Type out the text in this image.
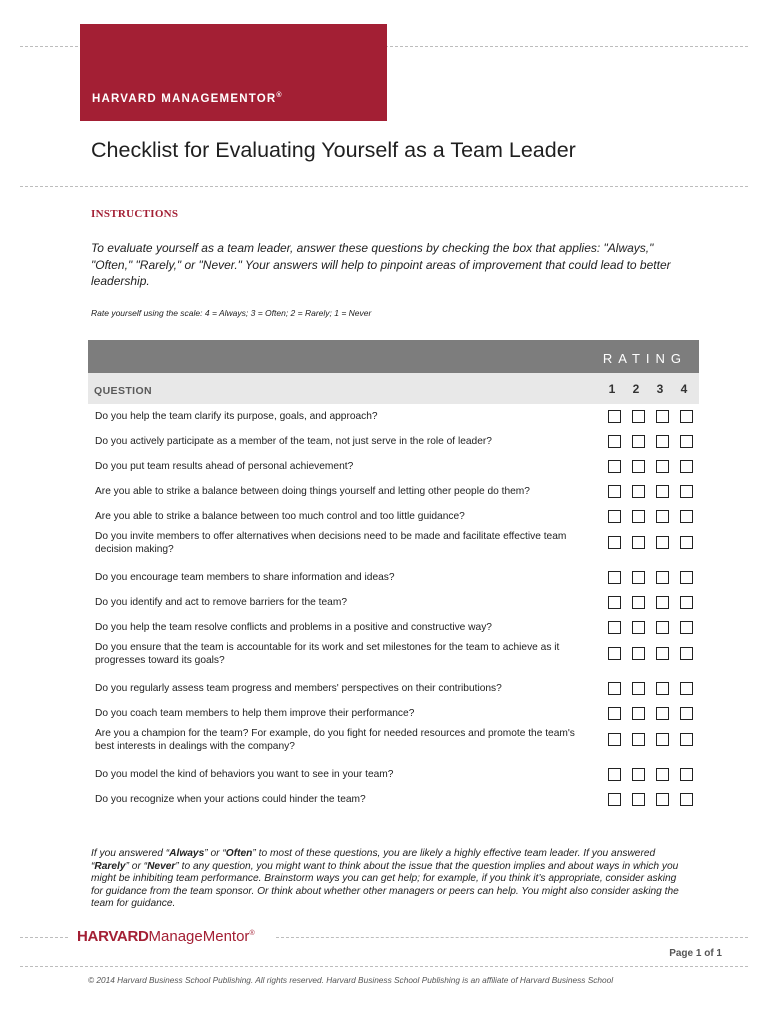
HARVARD MANAGEMENTOR®
Checklist for Evaluating Yourself as a Team Leader
INSTRUCTIONS
To evaluate yourself as a team leader, answer these questions by checking the box that applies: "Always," "Often," "Rarely," or "Never." Your answers will help to pinpoint areas of improvement that could lead to better leadership.
Rate yourself using the scale: 4 = Always; 3 = Often; 2 = Rarely; 1 = Never
RATING
QUESTION	1	2	3	4
Do you help the team clarify its purpose, goals, and approach?
Do you actively participate as a member of the team, not just serve in the role of leader?
Do you put team results ahead of personal achievement?
Are you able to strike a balance between doing things yourself and letting other people do them?
Are you able to strike a balance between too much control and too little guidance?
Do you invite members to offer alternatives when decisions need to be made and facilitate effective team decision making?
Do you encourage team members to share information and ideas?
Do you identify and act to remove barriers for the team?
Do you help the team resolve conflicts and problems in a positive and constructive way?
Do you ensure that the team is accountable for its work and set milestones for the team to achieve as it progresses toward its goals?
Do you regularly assess team progress and members' perspectives on their contributions?
Do you coach team members to help them improve their performance?
Are you a champion for the team? For example, do you fight for needed resources and promote the team's best interests in dealings with the company?
Do you model the kind of behaviors you want to see in your team?
Do you recognize when your actions could hinder the team?
If you answered “Always” or “Often” to most of these questions, you are likely a highly effective team leader. If you answered “Rarely” or “Never” to any question, you might want to think about the issue that the question implies and about ways in which you might be inhibiting team performance. Brainstorm ways you can get help; for example, if you think it’s appropriate, consider asking for guidance from the team sponsor. Or think about whether other managers or peers can help. You might also consider asking the team for guidance.
HARVARDManageMentor®
Page 1 of 1
© 2014 Harvard Business School Publishing. All rights reserved. Harvard Business School Publishing is an affiliate of Harvard Business School
